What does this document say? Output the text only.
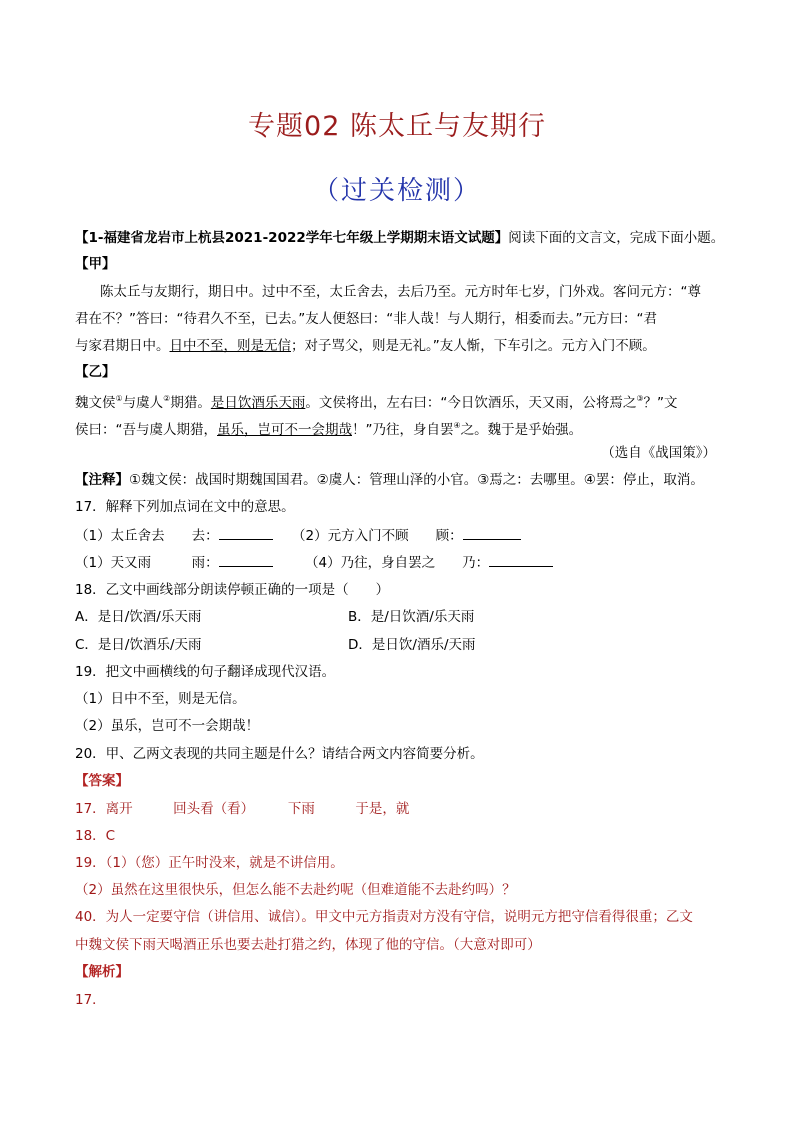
专题02 陈太丘与友期行
（过关检测）
【1-福建省龙岩市上杭县2021-2022学年七年级上学期期末语文试题】阅读下面的文言文，完成下面小题。
【甲】
陈太丘与友期行，期日中。过中不至，太丘舍去，去后乃至。元方时年七岁，门外戏。客问元方：“尊
君在不？”答曰：“待君久不至，已去。”友人便怒曰：“非人哉！与人期行，相委而去。”元方曰：“君
与家君期日中。日中不至，则是无信；对子骂父，则是无礼。”友人惭，下车引之。元方入门不顾。
【乙】
魏文侯①与虞人②期猎。是日饮酒乐天雨。文侯将出，左右曰：“今日饮酒乐，天又雨，公将焉之③？”文
侯曰：“吾与虞人期猎，虽乐，岂可不一会期哉！”乃往，身自罢④之。魏于是乎始强。
（选自《战国策》）
【注释】①魏文侯：战国时期魏国国君。②虞人：管理山泽的小官。③焉之：去哪里。④罢：停止，取消。
17．解释下列加点词在文中的意思。
（1）太丘舍去　　去：	（2）元方入门不顾　　顾：
（1）天又雨　　　雨：	（4）乃往，身自罢之　　乃：
18．乙文中画线部分朗读停顿正确的一项是（　　）
A．是日/饮酒/乐天雨	B．是/日饮酒/乐天雨
C．是日/饮酒乐/天雨	D．是日饮/酒乐/天雨
19．把文中画横线的句子翻译成现代汉语。
（1）日中不至，则是无信。
（2）虽乐，岂可不一会期哉！
20．甲、乙两文表现的共同主题是什么？请结合两文内容简要分析。
【答案】
17．离开　　　回头看（看）　　　下雨　　　于是，就
18．C
19．（1）（您）正午时没来，就是不讲信用。
（2）虽然在这里很快乐，但怎么能不去赴约呢（但难道能不去赴约吗）？
40．为人一定要守信（讲信用、诚信）。甲文中元方指责对方没有守信，说明元方把守信看得很重；乙文
中魏文侯下雨天喝酒正乐也要去赴打猎之约，体现了他的守信。（大意对即可）
【解析】
17．
